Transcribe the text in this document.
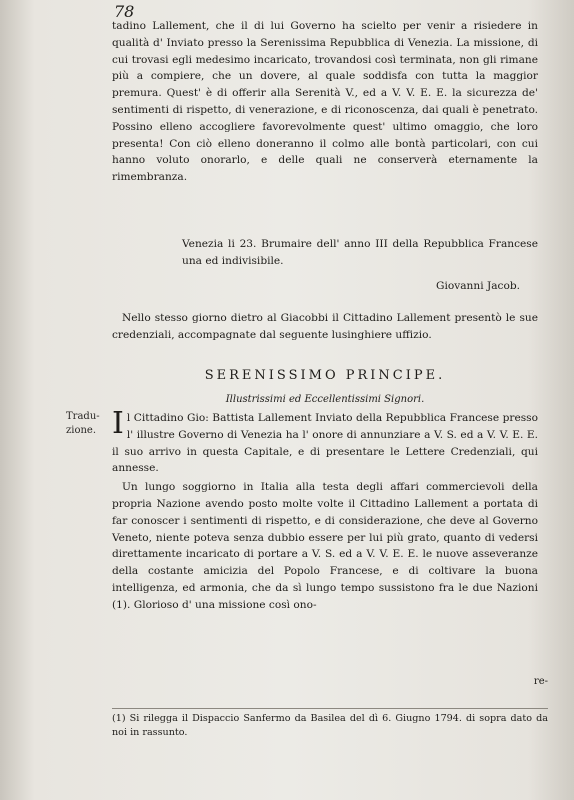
78

tadino Lallement, che il di lui Governo ha scielto per venir a risiedere in qualità d' Inviato presso la Serenissima Repubblica di Venezia. La missione, di cui trovasi egli medesimo incaricato, trovandosi così terminata, non gli rimane più a compiere, che un dovere, al quale soddisfa con tutta la maggior premura. Quest' è di offerir alla Serenità V., ed a V. V. E. E. la sicurezza de' sentimenti di rispetto, di venerazione, e di riconoscenza, dai quali è penetrato. Possino elleno accogliere favorevolmente quest' ultimo omaggio, che loro presenta! Con ciò elleno doneranno il colmo alle bontà particolari, con cui hanno voluto onorarlo, e delle quali ne conserverà eternamente la rimembranza.

Venezia li 23. Brumaire dell' anno III della Repubblica Francese una ed indivisibile.

Giovanni Jacob.

Nello stesso giorno dietro al Giacobbi il Cittadino Lallement presentò le sue credenziali, accompagnate dal seguente lusinghiere uffizio.

SERENISSIMO PRINCIPE.

Illustrissimi ed Eccellentissimi Signori.

Tradu-zione. Il Cittadino Gio: Battista Lallement Inviato della Repubblica Francese presso l' illustre Governo di Venezia ha l' onore di annunziare a V. S. ed a V. V. E. E. il suo arrivo in questa Capitale, e di presentare le Lettere Credenziali, qui annesse.

Un lungo soggiorno in Italia alla testa degli affari commercievoli della propria Nazione avendo posto molte volte il Cittadino Lallement a portata di far conoscer i sentimenti di rispetto, e di considerazione, che deve al Governo Veneto, niente poteva senza dubbio essere per lui più grato, quanto di vedersi direttamente incaricato di portare a V. S. ed a V. V. E. E. le nuove asseveranze della costante amicizia del Popolo Francese, e di coltivare la buona intelligenza, ed armonia, che da sì lungo tempo sussistono fra le due Nazioni (1). Glorioso d' una missione così ono-

re-

(1) Si rilegga il Dispaccio Sanfermo da Basilea del dì 6. Giugno 1794. di sopra dato da noi in rassunto.
